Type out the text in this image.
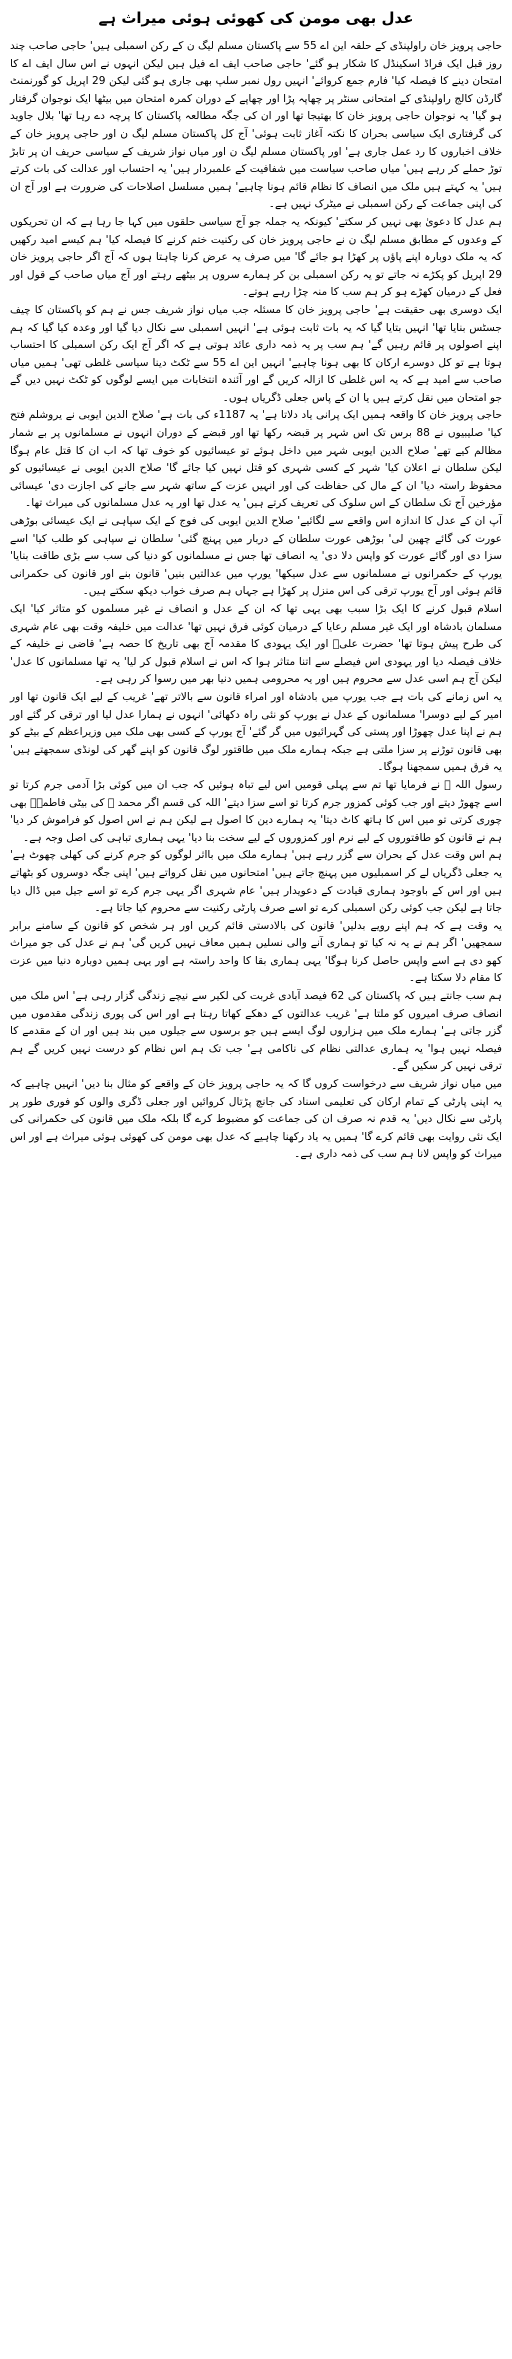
عدل بھی مومن کی کھوئی ہوئی میراث ہے

حاجی پرویز خان راولپنڈی کے حلقہ این اے 55 سے پاکستان مسلم لیگ ن کے رکن اسمبلی ہیں' حاجی صاحب چند روز قبل ایک فراڈ اسکینڈل کا شکار ہو گئے' حاجی صاحب ایف اے فیل ہیں لیکن انہوں نے اس سال ایف اے کا امتحان دینے کا فیصلہ کیا' فارم جمع کروائے' انہیں رول نمبر سلپ بھی جاری ہو گئی لیکن 29 اپریل کو گورنمنٹ گارڈن کالج راولپنڈی کے امتحانی سنٹر پر چھاپہ پڑا اور چھاپے کے دوران کمرہ امتحان میں بیٹھا ایک نوجوان گرفتار ہو گیا' یہ نوجوان حاجی پرویز خان کا بھتیجا تھا اور ان کی جگہ مطالعہ پاکستان کا پرچہ دے رہا تھا' بلال جاوید کی گرفتاری ایک سیاسی بحران کا نکتہ آغاز ثابت ہوئی' آج کل پاکستان مسلم لیگ ن اور حاجی پرویز خان کے خلاف اخباروں کا رد عمل جاری ہے' اور پاکستان مسلم لیگ ن اور میاں نواز شریف کے سیاسی حریف ان پر تابڑ توڑ حملے کر رہے ہیں' میاں صاحب سیاست میں شفافیت کے علمبردار ہیں' یہ احتساب اور عدالت کی بات کرتے ہیں' یہ کہتے ہیں ملک میں انصاف کا نظام قائم ہونا چاہیے' ہمیں مسلسل اصلاحات کی ضرورت ہے اور آج ان کی اپنی جماعت کے رکن اسمبلی نے میٹرک نہیں ہے۔

ہم عدل کا دعویٰ بھی نہیں کر سکتے' کیونکہ یہ جملہ جو آج سیاسی حلقوں میں کہا جا رہا ہے کہ ان تحریکوں کے وعدوں کے مطابق مسلم لیگ ن نے حاجی پرویز خان کی رکنیت ختم کرنے کا فیصلہ کیا' ہم کیسے امید رکھیں کہ یہ ملک دوبارہ اپنے پاؤں پر کھڑا ہو جائے گا' میں صرف یہ عرض کرنا چاہتا ہوں کہ آج اگر حاجی پرویز خان 29 اپریل کو پکڑے نہ جاتے تو یہ رکن اسمبلی بن کر ہمارے سروں پر بیٹھے رہتے اور آج میاں صاحب کے قول اور فعل کے درمیان کھڑے ہو کر ہم سب کا منہ چڑا رہے ہوتے۔

ایک دوسری بھی حقیقت ہے' حاجی پرویز خان کا مسئلہ جب میاں نواز شریف جس نے ہم کو پاکستان کا چیف جسٹس بنایا تھا' انہیں بتایا گیا کہ یہ بات ثابت ہوئی ہے' انہیں اسمبلی سے نکال دیا گیا اور وعدہ کیا گیا کہ ہم اپنے اصولوں پر قائم رہیں گے' ہم سب پر یہ ذمہ داری عائد ہوتی ہے کہ اگر آج ایک رکن اسمبلی کا احتساب ہوتا ہے تو کل دوسرے ارکان کا بھی ہونا چاہیے' انہیں این اے 55 سے ٹکٹ دینا سیاسی غلطی تھی' ہمیں میاں صاحب سے امید ہے کہ یہ اس غلطی کا ازالہ کریں گے اور آئندہ انتخابات میں ایسے لوگوں کو ٹکٹ نہیں دیں گے جو امتحان میں نقل کرتے ہیں یا ان کے پاس جعلی ڈگریاں ہوں۔

حاجی پرویز خان کا واقعہ ہمیں ایک پرانی یاد دلاتا ہے' یہ 1187ء کی بات ہے' صلاح الدین ایوبی نے یروشلم فتح کیا' صلیبیوں نے 88 برس تک اس شہر پر قبضہ رکھا تھا اور قبضے کے دوران انہوں نے مسلمانوں پر بے شمار مظالم کیے تھے' صلاح الدین ایوبی شہر میں داخل ہوئے تو عیسائیوں کو خوف تھا کہ اب ان کا قتل عام ہوگا لیکن سلطان نے اعلان کیا' شہر کے کسی شہری کو قتل نہیں کیا جائے گا' صلاح الدین ایوبی نے عیسائیوں کو محفوظ راستہ دیا' ان کے مال کی حفاظت کی اور انہیں عزت کے ساتھ شہر سے جانے کی اجازت دی' عیسائی مؤرخین آج تک سلطان کے اس سلوک کی تعریف کرتے ہیں' یہ عدل تھا اور یہ عدل مسلمانوں کی میراث تھا۔

آپ ان کے عدل کا اندازہ اس واقعے سے لگائیے' صلاح الدین ایوبی کی فوج کے ایک سپاہی نے ایک عیسائی بوڑھی عورت کی گائے چھین لی' بوڑھی عورت سلطان کے دربار میں پہنچ گئی' سلطان نے سپاہی کو طلب کیا' اسے سزا دی اور گائے عورت کو واپس دلا دی' یہ انصاف تھا جس نے مسلمانوں کو دنیا کی سب سے بڑی طاقت بنایا' یورپ کے حکمرانوں نے مسلمانوں سے عدل سیکھا' یورپ میں عدالتیں بنیں' قانون بنے اور قانون کی حکمرانی قائم ہوئی اور آج یورپ ترقی کی اس منزل پر کھڑا ہے جہاں ہم صرف خواب دیکھ سکتے ہیں۔

اسلام قبول کرنے کا ایک بڑا سبب بھی یہی تھا کہ ان کے عدل و انصاف نے غیر مسلموں کو متاثر کیا' ایک مسلمان بادشاہ اور ایک غیر مسلم رعایا کے درمیان کوئی فرق نہیں تھا' عدالت میں خلیفہ وقت بھی عام شہری کی طرح پیش ہوتا تھا' حضرت علیؓ اور ایک یہودی کا مقدمہ آج بھی تاریخ کا حصہ ہے' قاضی نے خلیفہ کے خلاف فیصلہ دیا اور یہودی اس فیصلے سے اتنا متاثر ہوا کہ اس نے اسلام قبول کر لیا' یہ تھا مسلمانوں کا عدل' لیکن آج ہم اسی عدل سے محروم ہیں اور یہ محرومی ہمیں دنیا بھر میں رسوا کر رہی ہے۔

یہ اس زمانے کی بات ہے جب یورپ میں بادشاہ اور امراء قانون سے بالاتر تھے' غریب کے لیے ایک قانون تھا اور امیر کے لیے دوسرا' مسلمانوں کے عدل نے یورپ کو نئی راہ دکھائی' انہوں نے ہمارا عدل لیا اور ترقی کر گئے اور ہم نے اپنا عدل چھوڑا اور پستی کی گہرائیوں میں گر گئے' آج یورپ کے کسی بھی ملک میں وزیراعظم کے بیٹے کو بھی قانون توڑنے پر سزا ملتی ہے جبکہ ہمارے ملک میں طاقتور لوگ قانون کو اپنے گھر کی لونڈی سمجھتے ہیں' یہ فرق ہمیں سمجھنا ہوگا۔

رسول اللہ ﷺ نے فرمایا تھا تم سے پہلی قومیں اس لیے تباہ ہوئیں کہ جب ان میں کوئی بڑا آدمی جرم کرتا تو اسے چھوڑ دیتے اور جب کوئی کمزور جرم کرتا تو اسے سزا دیتے' اللہ کی قسم اگر محمد ﷺ کی بیٹی فاطمہؓ بھی چوری کرتی تو میں اس کا ہاتھ کاٹ دیتا' یہ ہمارے دین کا اصول ہے لیکن ہم نے اس اصول کو فراموش کر دیا' ہم نے قانون کو طاقتوروں کے لیے نرم اور کمزوروں کے لیے سخت بنا دیا' یہی ہماری تباہی کی اصل وجہ ہے۔

ہم اس وقت عدل کے بحران سے گزر رہے ہیں' ہمارے ملک میں بااثر لوگوں کو جرم کرنے کی کھلی چھوٹ ہے' یہ جعلی ڈگریاں لے کر اسمبلیوں میں پہنچ جاتے ہیں' امتحانوں میں نقل کرواتے ہیں' اپنی جگہ دوسروں کو بٹھاتے ہیں اور اس کے باوجود ہماری قیادت کے دعویدار ہیں' عام شہری اگر یہی جرم کرے تو اسے جیل میں ڈال دیا جاتا ہے لیکن جب کوئی رکن اسمبلی کرے تو اسے صرف پارٹی رکنیت سے محروم کیا جاتا ہے۔

یہ وقت ہے کہ ہم اپنے رویے بدلیں' قانون کی بالادستی قائم کریں اور ہر شخص کو قانون کے سامنے برابر سمجھیں' اگر ہم نے یہ نہ کیا تو ہماری آنے والی نسلیں ہمیں معاف نہیں کریں گی' ہم نے عدل کی جو میراث کھو دی ہے اسے واپس حاصل کرنا ہوگا' یہی ہماری بقا کا واحد راستہ ہے اور یہی ہمیں دوبارہ دنیا میں عزت کا مقام دلا سکتا ہے۔

ہم سب جانتے ہیں کہ پاکستان کی 62 فیصد آبادی غربت کی لکیر سے نیچے زندگی گزار رہی ہے' اس ملک میں انصاف صرف امیروں کو ملتا ہے' غریب عدالتوں کے دھکے کھاتا رہتا ہے اور اس کی پوری زندگی مقدموں میں گزر جاتی ہے' ہمارے ملک میں ہزاروں لوگ ایسے ہیں جو برسوں سے جیلوں میں بند ہیں اور ان کے مقدمے کا فیصلہ نہیں ہوا' یہ ہماری عدالتی نظام کی ناکامی ہے' جب تک ہم اس نظام کو درست نہیں کریں گے ہم ترقی نہیں کر سکیں گے۔

میں میاں نواز شریف سے درخواست کروں گا کہ یہ حاجی پرویز خان کے واقعے کو مثال بنا دیں' انہیں چاہیے کہ یہ اپنی پارٹی کے تمام ارکان کی تعلیمی اسناد کی جانچ پڑتال کروائیں اور جعلی ڈگری والوں کو فوری طور پر پارٹی سے نکال دیں' یہ قدم نہ صرف ان کی جماعت کو مضبوط کرے گا بلکہ ملک میں قانون کی حکمرانی کی ایک نئی روایت بھی قائم کرے گا' ہمیں یہ یاد رکھنا چاہیے کہ عدل بھی مومن کی کھوئی ہوئی میراث ہے اور اس میراث کو واپس لانا ہم سب کی ذمہ داری ہے۔
